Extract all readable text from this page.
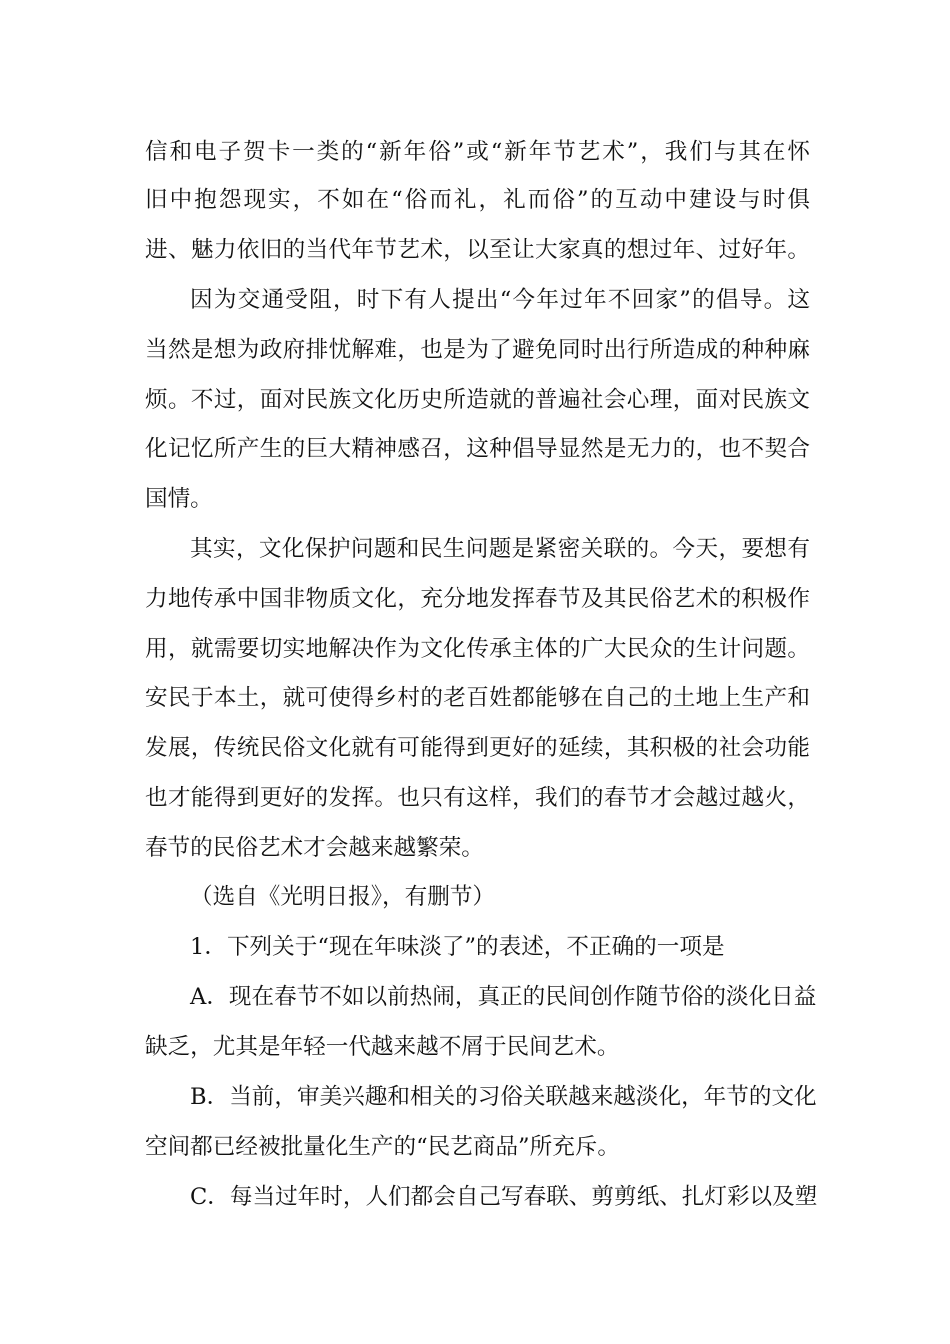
信和电子贺卡一类的“新年俗”或“新年节艺术”，我们与其在怀
旧中抱怨现实，不如在“俗而礼，礼而俗”的互动中建设与时俱
进、魅力依旧的当代年节艺术，以至让大家真的想过年、过好年。
因为交通受阻，时下有人提出“今年过年不回家”的倡导。这
当然是想为政府排忧解难，也是为了避免同时出行所造成的种种麻
烦。不过，面对民族文化历史所造就的普遍社会心理，面对民族文
化记忆所产生的巨大精神感召，这种倡导显然是无力的，也不契合
国情。
其实，文化保护问题和民生问题是紧密关联的。今天，要想有
力地传承中国非物质文化，充分地发挥春节及其民俗艺术的积极作
用，就需要切实地解决作为文化传承主体的广大民众的生计问题。
安民于本土，就可使得乡村的老百姓都能够在自己的土地上生产和
发展，传统民俗文化就有可能得到更好的延续，其积极的社会功能
也才能得到更好的发挥。也只有这样，我们的春节才会越过越火，
春节的民俗艺术才会越来越繁荣。
（选自《光明日报》，有删节）
1．下列关于“现在年味淡了”的表述，不正确的一项是
A．现在春节不如以前热闹，真正的民间创作随节俗的淡化日益
缺乏，尤其是年轻一代越来越不屑于民间艺术。
B．当前，审美兴趣和相关的习俗关联越来越淡化，年节的文化
空间都已经被批量化生产的“民艺商品”所充斥。
C．每当过年时，人们都会自己写春联、剪剪纸、扎灯彩以及塑
